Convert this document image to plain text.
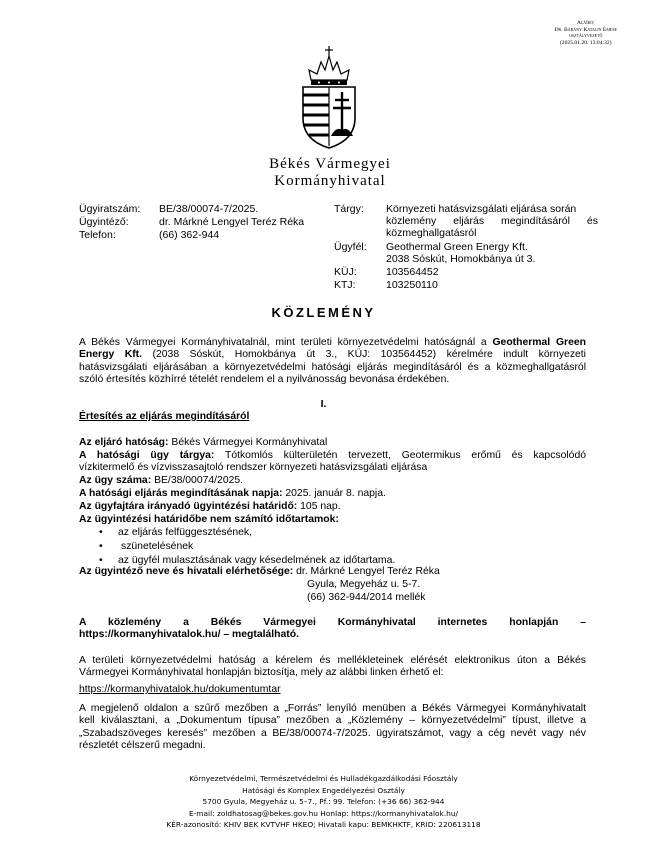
Aláíró:
Dr. Bárány Katalin Emese
osztályvezető
(2025.01.20. 13:04:32)
Békés Vármegyei
Kormányhivatal
Ügyiratszám: BE/38/00074-7/2025.
Ügyintéző:	dr. Márkné Lengyel Teréz Réka
Telefon:	(66) 362-944
Tárgy: Környezeti hatásvizsgálati eljárása során
közlemény eljárás megindításáról és
közmeghallgatásról
Ügyfél: Geothermal Green Energy Kft.
2038 Sóskút, Homokbánya út 3.
KÜJ:	103564452
KTJ:	103250110
KÖZLEMÉNY
A Békés Vármegyei Kormányhivatalnál, mint területi környezetvédelmi hatóságnál a Geothermal Green
Energy Kft. (2038 Sóskút, Homokbánya út 3., KÜJ: 103564452) kérelmére indult környezeti
hatásvizsgálati eljárásában a környezetvédelmi hatósági eljárás megindításáról és a közmeghallgatásról
szóló értesítés közhírré tételét rendelem el a nyilvánosság bevonása érdekében.
I.
Értesítés az eljárás megindításáról
Az eljáró hatóság: Békés Vármegyei Kormányhivatal
A hatósági ügy tárgya: Tótkomlós külterületén tervezett, Geotermikus erőmű és kapcsolódó
vízkitermelő és vízvisszasajtoló rendszer környezeti hatásvizsgálati eljárása
Az ügy száma: BE/38/00074/2025.
A hatósági eljárás megindításának napja: 2025. január 8. napja.
Az ügyfajtára irányadó ügyintézési határidő: 105 nap.
Az ügyintézési határidőbe nem számító időtartamok:
• az eljárás felfüggesztésének,
• szünetelésének
• az ügyfél mulasztásának vagy késedelmének az időtartama.
Az ügyintéző neve és hivatali elérhetősége: dr. Márkné Lengyel Teréz Réka
Gyula, Megyeház u. 5-7.
(66) 362-944/2014 mellék
A közlemény a Békés Vármegyei Kormányhivatal internetes honlapján –
https://kormanyhivatalok.hu/ – megtalálható.
A területi környezetvédelmi hatóság a kérelem és mellékleteinek elérését elektronikus úton a Békés
Vármegyei Kormányhivatal honlapján biztosítja, mely az alábbi linken érhető el:
https://kormanyhivatalok.hu/dokumentumtar
A megjelenő oldalon a szűrő mezőben a „Forrás” lenyíló menüben a Békés Vármegyei Kormányhivatalt
kell kiválasztani, a „Dokumentum típusa” mezőben a „Közlemény – környezetvédelmi” típust, illetve a
„Szabadszöveges keresés” mezőben a BE/38/00074-7/2025. ügyiratszámot, vagy a cég nevét vagy név
részletét célszerű megadni.
Környezetvédelmi, Természetvédelmi és Hulladékgazdálkodási Főosztály
Hatósági és Komplex Engedélyezési Osztály
5700 Gyula, Megyeház u. 5–7., Pf.: 99. Telefon: (+36 66) 362-944
E-mail: zoldhatosag@bekes.gov.hu Honlap: https://kormanyhivatalok.hu/
KÉR-azonosító: KHIV BEK KVTVHF HKEO; Hivatali kapu: BEMKHKTF, KRID: 220613118
